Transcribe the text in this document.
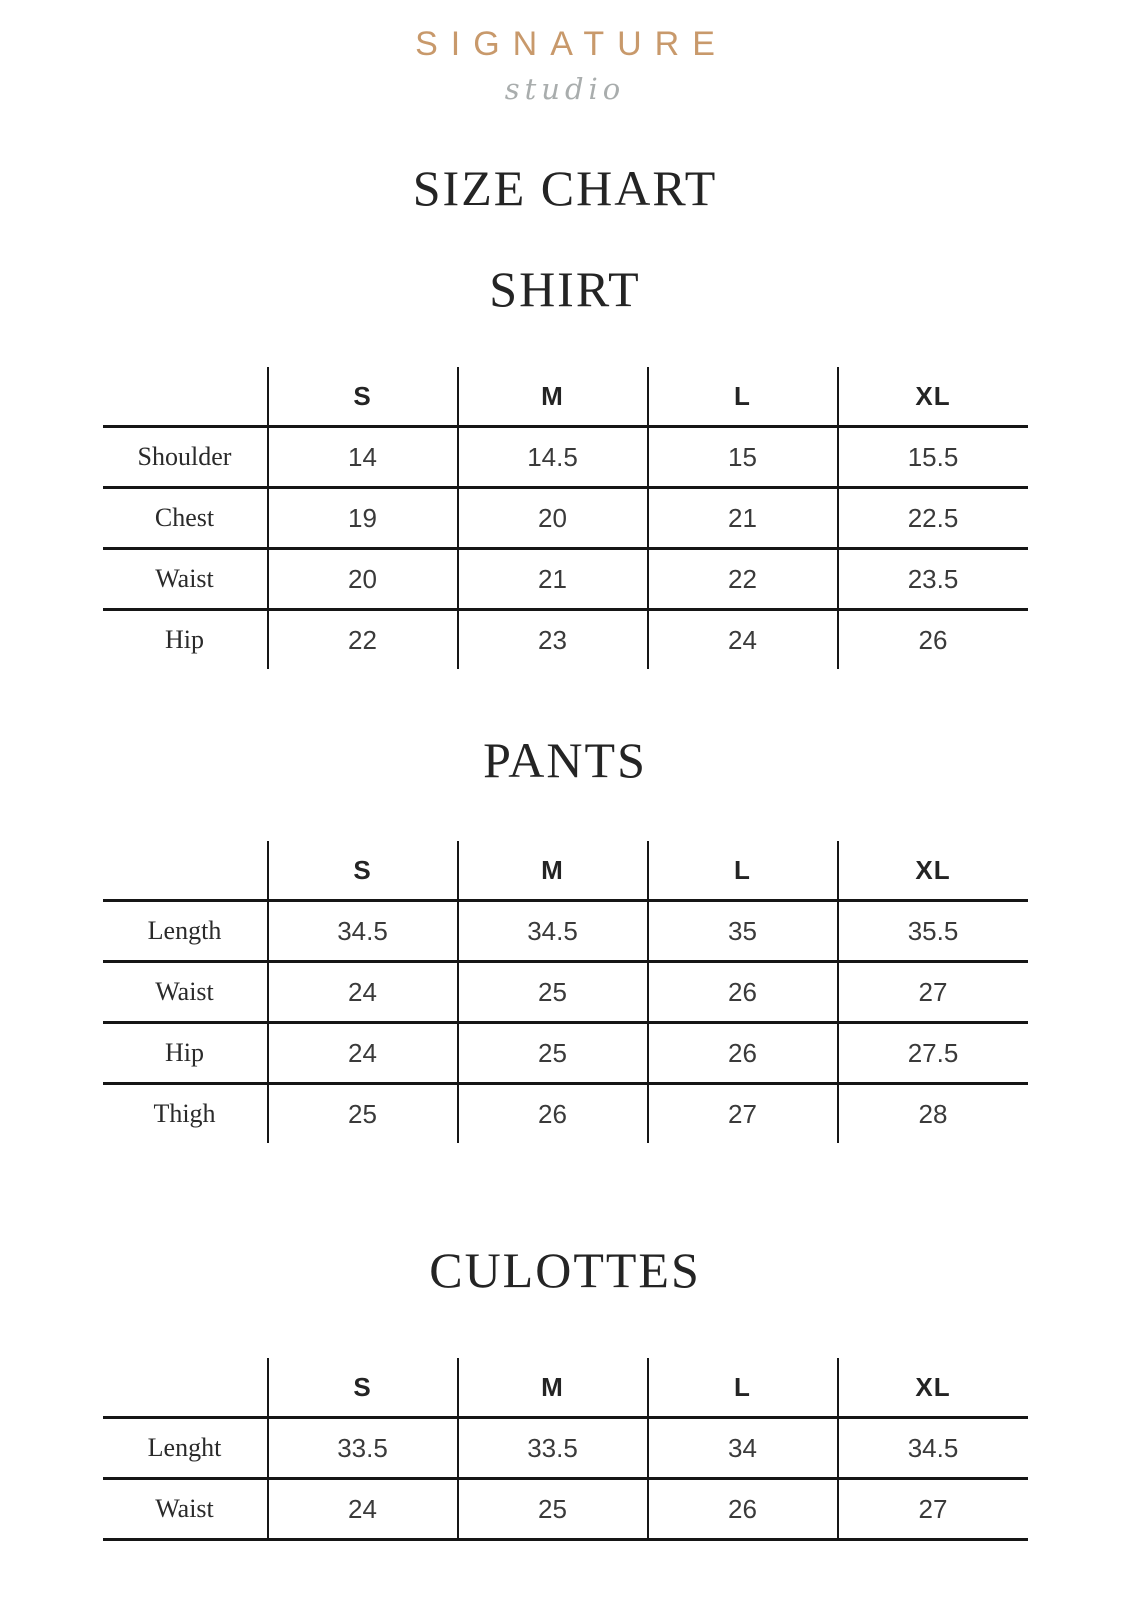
SIGNATURE
studio
SIZE CHART
SHIRT
	S	M	L	XL
Shoulder	14	14.5	15	15.5
Chest	19	20	21	22.5
Waist	20	21	22	23.5
Hip	22	23	24	26
PANTS
	S	M	L	XL
Length	34.5	34.5	35	35.5
Waist	24	25	26	27
Hip	24	25	26	27.5
Thigh	25	26	27	28
CULOTTES
	S	M	L	XL
Lenght	33.5	33.5	34	34.5
Waist	24	25	26	27
